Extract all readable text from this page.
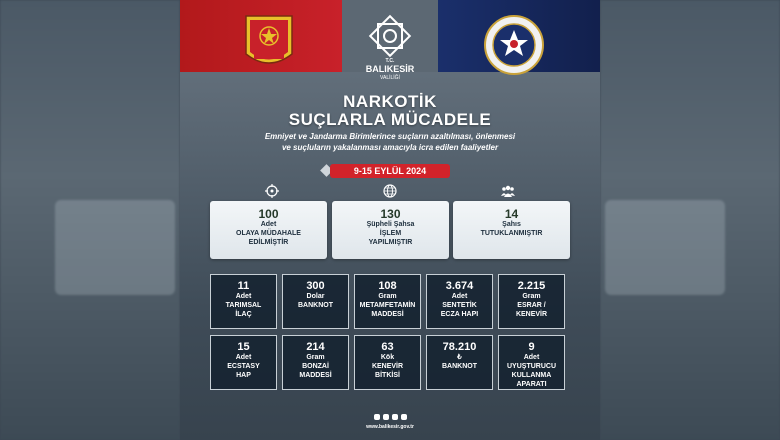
T.C.
BALIKESİR
VALİLİĞİ
NARKOTİK
SUÇLARLA MÜCADELE
Emniyet ve Jandarma Birimlerince suçların azaltılması, önlenmesi
ve suçluların yakalanması amacıyla icra edilen faaliyetler
9-15 EYLÜL 2024
100
Adet
OLAYA MÜDAHALE
EDİLMİŞTİR
130
Şüpheli Şahsa
İŞLEM
YAPILMIŞTIR
14
Şahıs
TUTUKLANMIŞTIR
11
Adet
TARIMSAL
İLAÇ
300
Dolar
BANKNOT
108
Gram
METAMFETAMİN
MADDESİ
3.674
Adet
SENTETİK
ECZA HAPI
2.215
Gram
ESRAR /
KENEVİR
15
Adet
ECSTASY
HAP
214
Gram
BONZAİ
MADDESİ
63
Kök
KENEVİR
BİTKİSİ
78.210
₺
BANKNOT
9
Adet
UYUŞTURUCU
KULLANMA APARATI
www.balikesir.gov.tr
